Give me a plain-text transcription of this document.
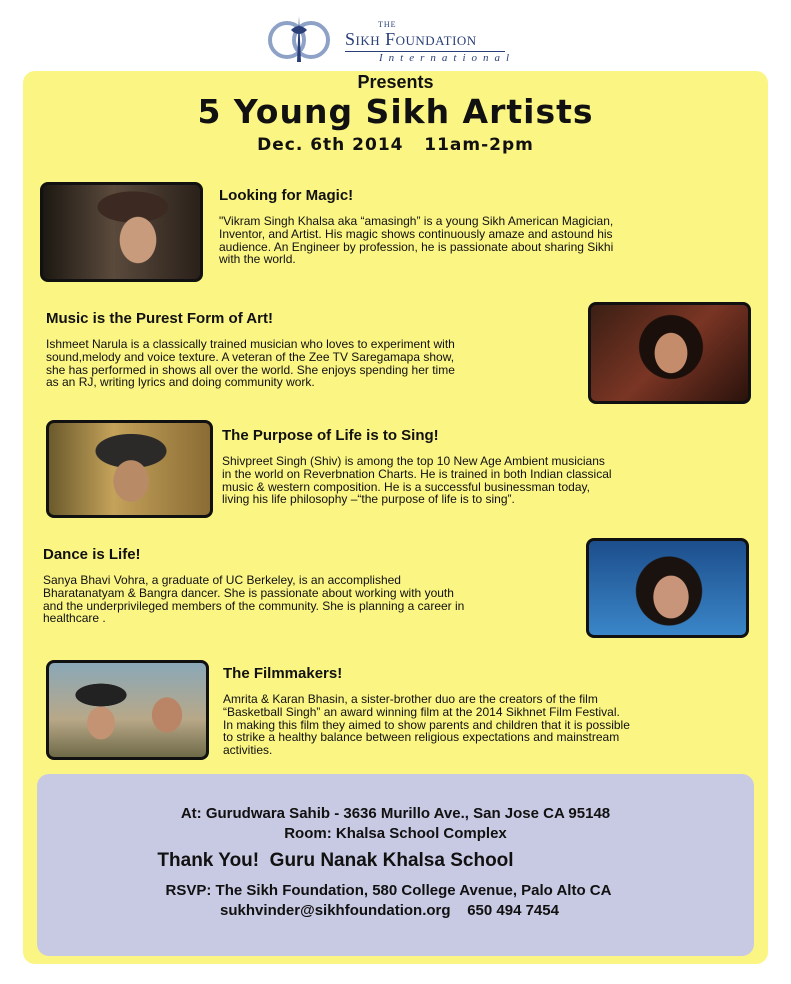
THE
Sikh Foundation
International
Presents
5 Young Sikh Artists
Dec. 6th 2014   11am-2pm
Looking for Magic!
"Vikram Singh Khalsa aka “amasingh” is a young Sikh American Magician,
Inventor, and Artist. His magic shows continuously amaze and astound his
audience. An Engineer by profession, he is passionate about sharing Sikhi
with the world.
Music is the Purest Form of Art!
Ishmeet Narula is a classically trained musician who loves to experiment with
sound,melody and voice texture. A veteran of the Zee TV Saregamapa show,
she has performed in shows all over the world. She enjoys spending her time
as an RJ, writing lyrics and doing community work.
The Purpose of Life is to Sing!
Shivpreet Singh (Shiv) is among the top 10 New Age Ambient musicians
in the world on Reverbnation Charts. He is trained in both Indian classical
music & western composition. He is a successful businessman today,
living his life philosophy –“the purpose of life is to sing”.
Dance is Life!
Sanya Bhavi Vohra, a graduate of UC Berkeley, is an accomplished
Bharatanatyam & Bangra dancer. She is passionate about working with youth
and the underprivileged members of the community. She is planning a career in
healthcare .
The Filmmakers!
Amrita & Karan Bhasin, a sister-brother duo are the creators of the film
“Basketball Singh” an award winning film at the 2014 Sikhnet Film Festival.
In making this film they aimed to show parents and children that it is possible
to strike a healthy balance between religious expectations and mainstream
activities.
At: Gurudwara Sahib - 3636 Murillo Ave., San Jose CA 95148
Room: Khalsa School Complex
Thank You!  Guru Nanak Khalsa School
RSVP: The Sikh Foundation, 580 College Avenue, Palo Alto CA
sukhvinder@sikhfoundation.org    650 494 7454
